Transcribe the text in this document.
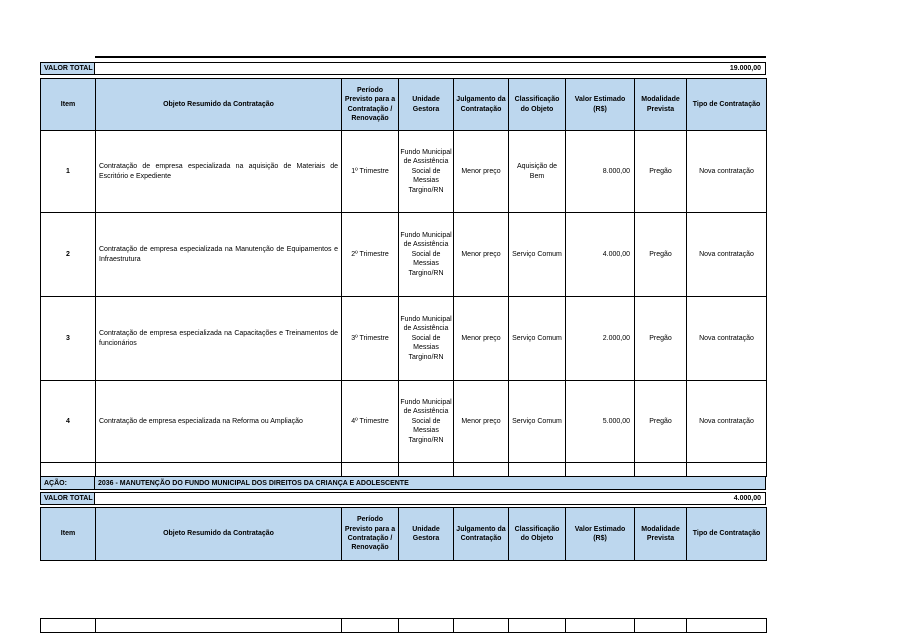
VALOR TOTAL	19.000,00
Item	Objeto Resumido da Contratação	Período Previsto para a Contratação / Renovação	Unidade Gestora	Julgamento da Contratação	Classificação do Objeto	Valor Estimado (R$)	Modalidade Prevista	Tipo de Contratação
1	Contratação de empresa especializada na aquisição de Materiais de Escritório e Expediente	1º Trimestre	Fundo Municipal de Assistência Social de Messias Targino/RN	Menor preço	Aquisição de Bem	8.000,00	Pregão	Nova contratação
2	Contratação de empresa especializada na Manutenção de Equipamentos e Infraestrutura	2º Trimestre	Fundo Municipal de Assistência Social de Messias Targino/RN	Menor preço	Serviço Comum	4.000,00	Pregão	Nova contratação
3	Contratação de empresa especializada na Capacitações e Treinamentos de funcionários	3º Trimestre	Fundo Municipal de Assistência Social de Messias Targino/RN	Menor preço	Serviço Comum	2.000,00	Pregão	Nova contratação
4	Contratação de empresa especializada na Reforma ou Ampliação	4º Trimestre	Fundo Municipal de Assistência Social de Messias Targino/RN	Menor preço	Serviço Comum	5.000,00	Pregão	Nova contratação

AÇÃO:	2036 - MANUTENÇÃO DO FUNDO MUNICIPAL DOS DIREITOS DA CRIANÇA E ADOLESCENTE
VALOR TOTAL	4.000,00
Item	Objeto Resumido da Contratação	Período Previsto para a Contratação / Renovação	Unidade Gestora	Julgamento da Contratação	Classificação do Objeto	Valor Estimado (R$)	Modalidade Prevista	Tipo de Contratação
